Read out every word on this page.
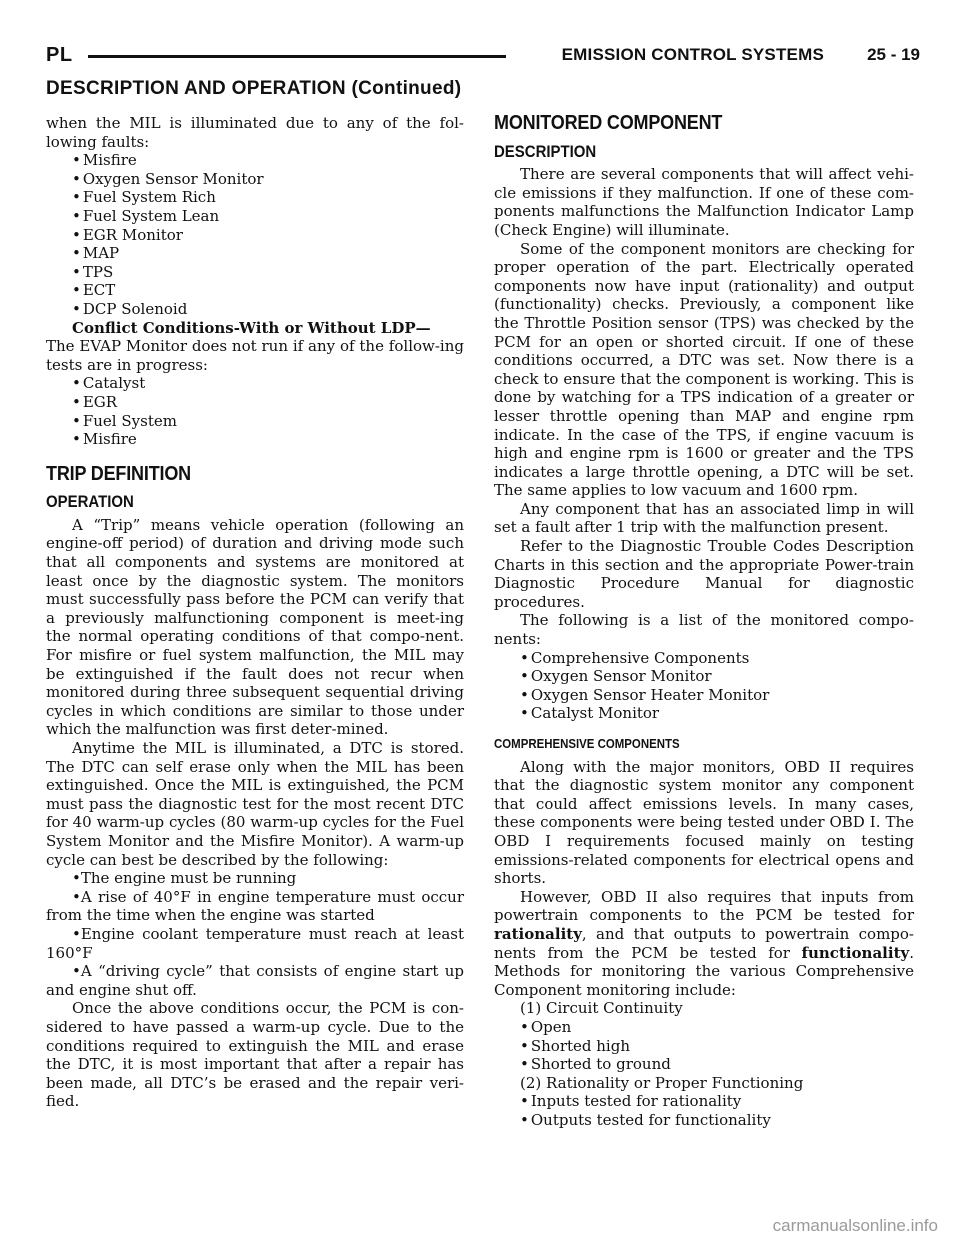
PL	EMISSION CONTROL SYSTEMS	25 - 19
DESCRIPTION AND OPERATION (Continued)

when the MIL is illuminated due to any of the fol-lowing faults:

• Misfire
• Oxygen Sensor Monitor
• Fuel System Rich
• Fuel System Lean
• EGR Monitor
• MAP
• TPS
• ECT
• DCP Solenoid

Conflict Conditions-With or Without LDP—

The EVAP Monitor does not run if any of the follow-ing tests are in progress:

• Catalyst
• EGR
• Fuel System
• Misfire
TRIP DEFINITION
OPERATION

A “Trip” means vehicle operation (following an engine-off period) of duration and driving mode such that all components and systems are monitored at least once by the diagnostic system. The monitors must successfully pass before the PCM can verify that a previously malfunctioning component is meet-ing the normal operating conditions of that compo-nent. For misfire or fuel system malfunction, the MIL may be extinguished if the fault does not recur when monitored during three subsequent sequential driving cycles in which conditions are similar to those under which the malfunction was first deter-mined.

Anytime the MIL is illuminated, a DTC is stored. The DTC can self erase only when the MIL has been extinguished. Once the MIL is extinguished, the PCM must pass the diagnostic test for the most recent DTC for 40 warm-up cycles (80 warm-up cycles for the Fuel System Monitor and the Misfire Monitor). A warm-up cycle can best be described by the following:

•The engine must be running

•A rise of 40°F in engine temperature must occur from the time when the engine was started

•Engine coolant temperature must reach at least 160°F

•A “driving cycle” that consists of engine start up and engine shut off.

Once the above conditions occur, the PCM is con-sidered to have passed a warm-up cycle. Due to the conditions required to extinguish the MIL and erase the DTC, it is most important that after a repair has been made, all DTC’s be erased and the repair veri-fied.

MONITORED COMPONENT
DESCRIPTION

There are several components that will affect vehi-cle emissions if they malfunction. If one of these com-ponents malfunctions the Malfunction Indicator Lamp (Check Engine) will illuminate.

Some of the component monitors are checking for proper operation of the part. Electrically operated components now have input (rationality) and output (functionality) checks. Previously, a component like the Throttle Position sensor (TPS) was checked by the PCM for an open or shorted circuit. If one of these conditions occurred, a DTC was set. Now there is a check to ensure that the component is working. This is done by watching for a TPS indication of a greater or lesser throttle opening than MAP and engine rpm indicate. In the case of the TPS, if engine vacuum is high and engine rpm is 1600 or greater and the TPS indicates a large throttle opening, a DTC will be set. The same applies to low vacuum and 1600 rpm.

Any component that has an associated limp in will set a fault after 1 trip with the malfunction present.

Refer to the Diagnostic Trouble Codes Description Charts in this section and the appropriate Power-train Diagnostic Procedure Manual for diagnostic procedures.

The following is a list of the monitored compo-nents:

• Comprehensive Components
• Oxygen Sensor Monitor
• Oxygen Sensor Heater Monitor
• Catalyst Monitor
COMPREHENSIVE COMPONENTS

Along with the major monitors, OBD II requires that the diagnostic system monitor any component that could affect emissions levels. In many cases, these components were being tested under OBD I. The OBD I requirements focused mainly on testing emissions-related components for electrical opens and shorts.

However, OBD II also requires that inputs from powertrain components to the PCM be tested for rationality, and that outputs to powertrain compo-nents from the PCM be tested for functionality. Methods for monitoring the various Comprehensive Component monitoring include:

(1) Circuit Continuity
• Open
• Shorted high
• Shorted to ground
(2) Rationality or Proper Functioning
• Inputs tested for rationality
• Outputs tested for functionality
carmanualsonline.info
